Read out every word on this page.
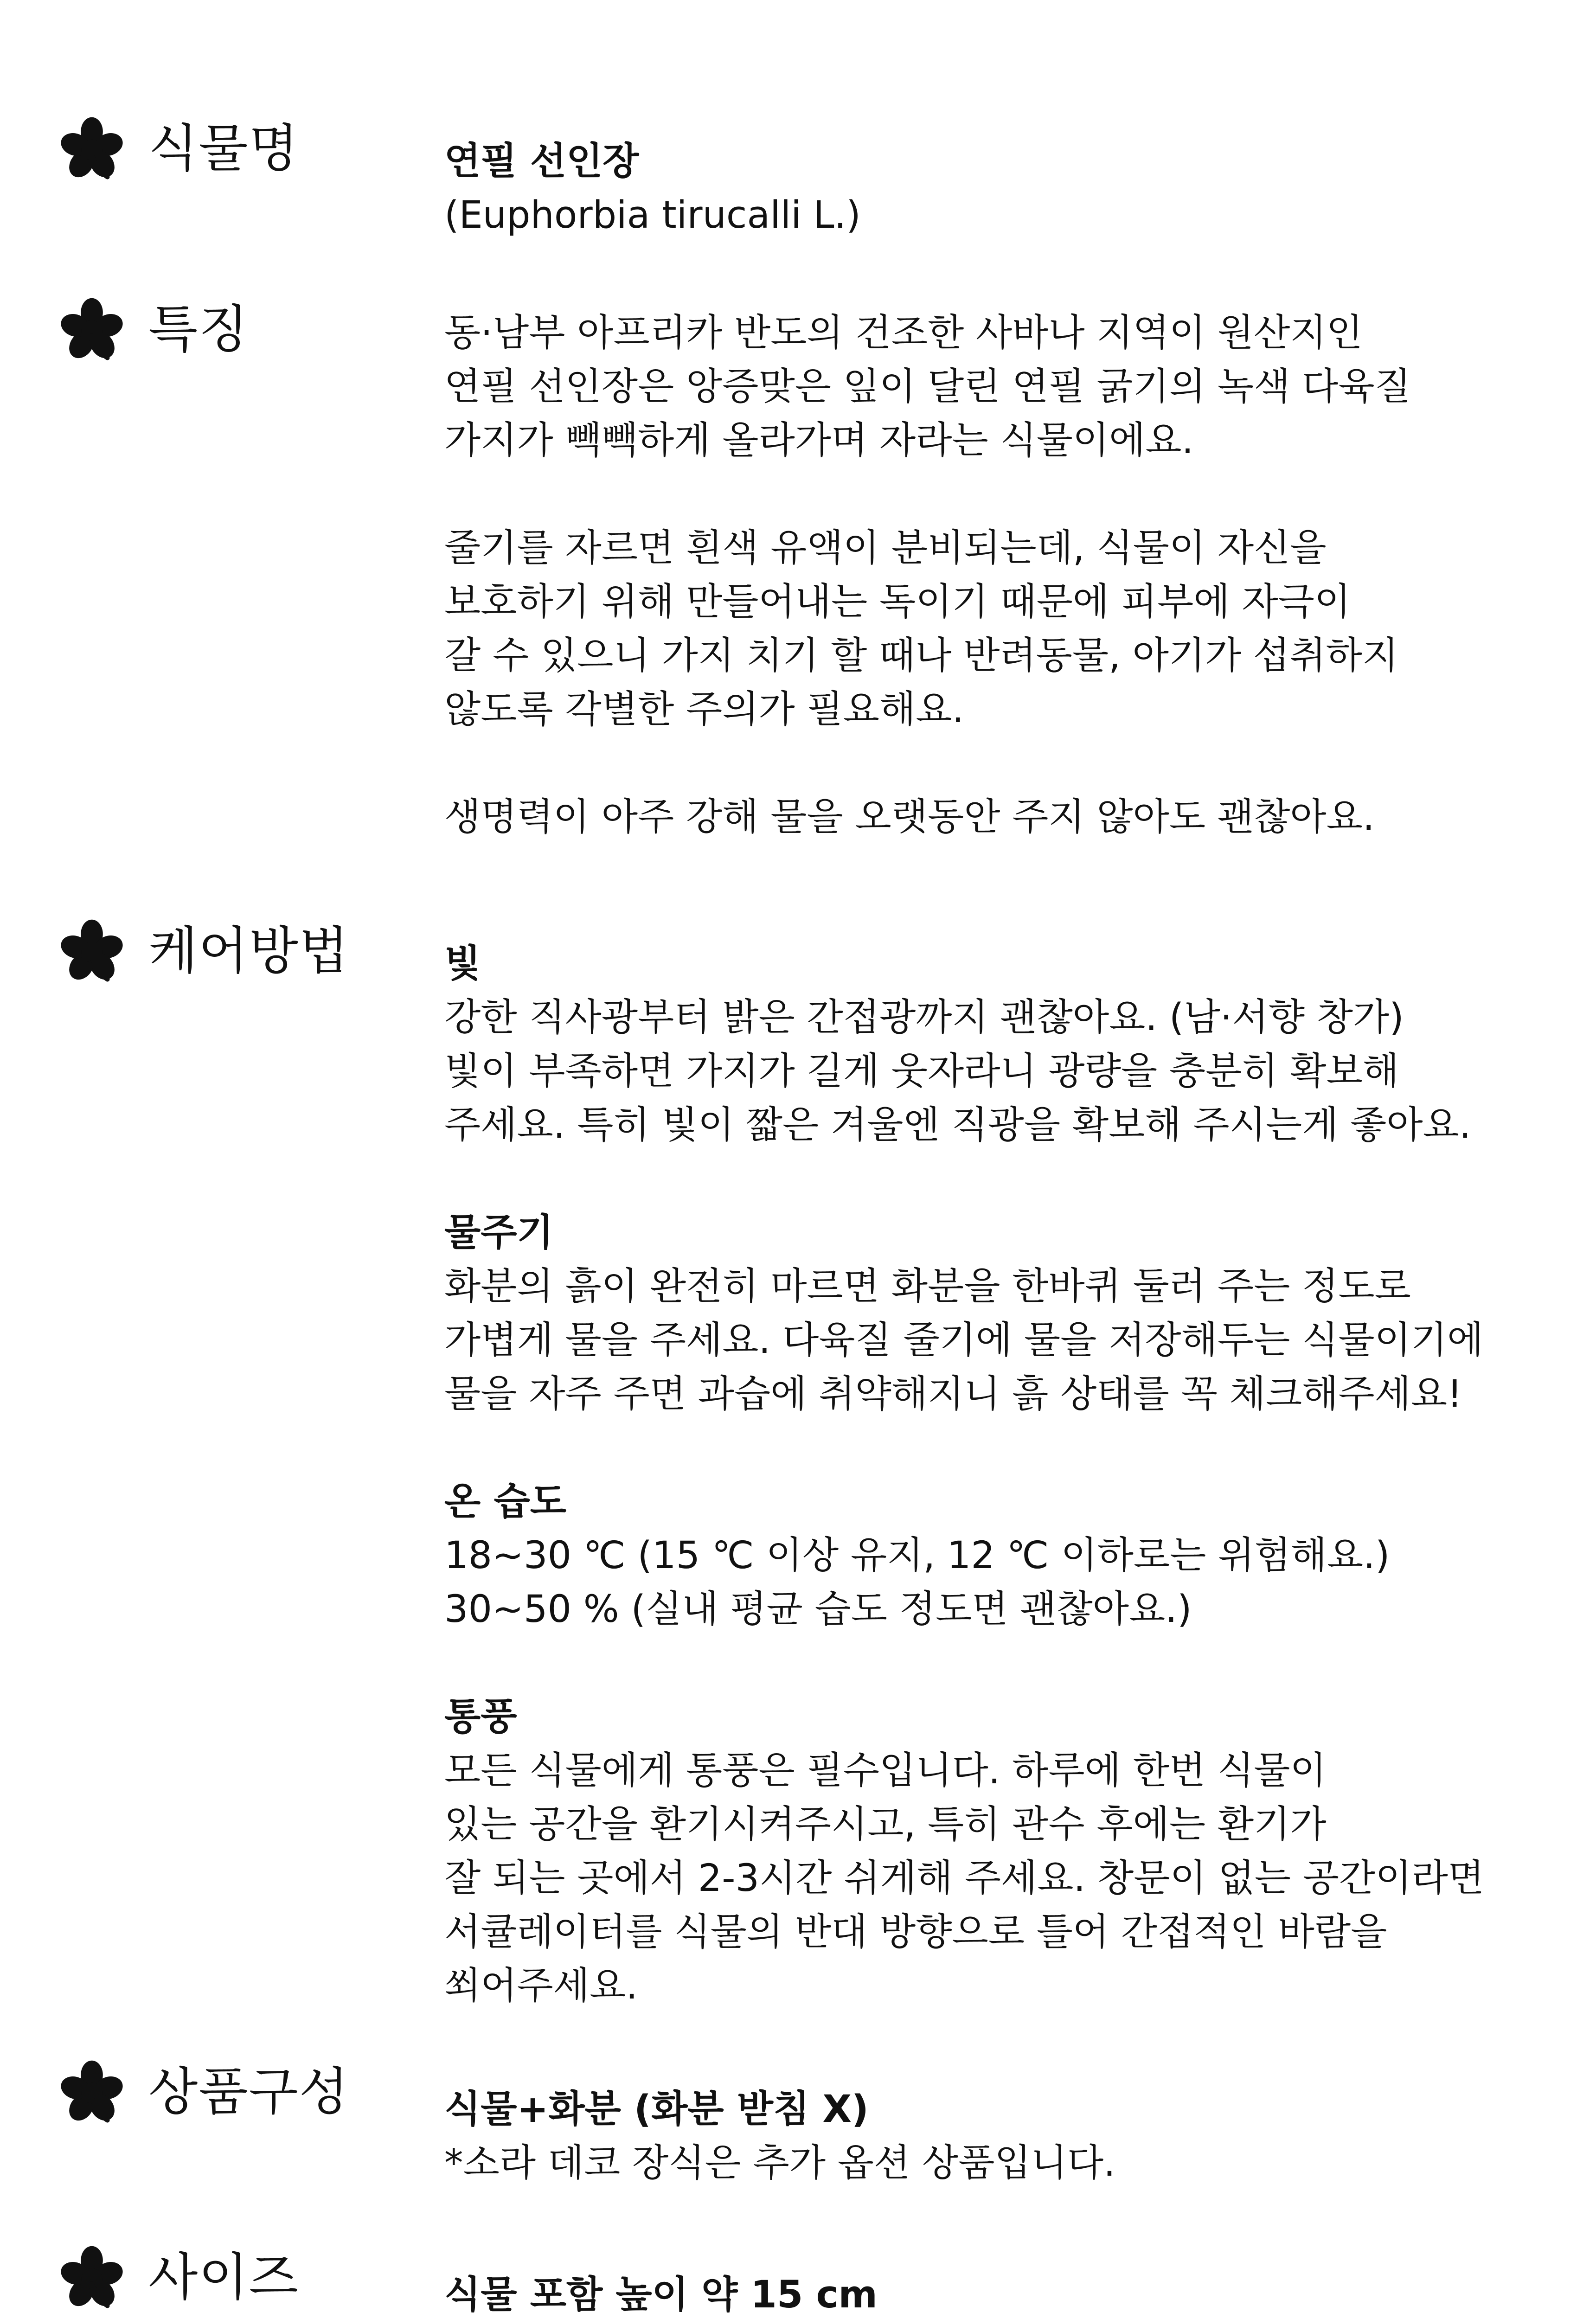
식물명	연필 선인장

(Euphorbia tirucalli L.)

특징	동·남부 아프리카 반도의 건조한 사바나 지역이 원산지인

연필 선인장은 앙증맞은 잎이 달린 연필 굵기의 녹색 다육질

가지가 빽빽하게 올라가며 자라는 식물이에요.

줄기를 자르면 흰색 유액이 분비되는데, 식물이 자신을

보호하기 위해 만들어내는 독이기 때문에 피부에 자극이

갈 수 있으니 가지 치기 할 때나 반려동물, 아기가 섭취하지

않도록 각별한 주의가 필요해요.

생명력이 아주 강해 물을 오랫동안 주지 않아도 괜찮아요.

케어방법	빛

강한 직사광부터 밝은 간접광까지 괜찮아요. (남·서향 창가)

빛이 부족하면 가지가 길게 웃자라니 광량을 충분히 확보해

주세요. 특히 빛이 짧은 겨울엔 직광을 확보해 주시는게 좋아요.

물주기

화분의 흙이 완전히 마르면 화분을 한바퀴 둘러 주는 정도로

가볍게 물을 주세요. 다육질 줄기에 물을 저장해두는 식물이기에

물을 자주 주면 과습에 취약해지니 흙 상태를 꼭 체크해주세요!

온 습도

18~30 ℃ (15 ℃ 이상 유지, 12 ℃ 이하로는 위험해요.)

30~50 % (실내 평균 습도 정도면 괜찮아요.)

통풍

모든 식물에게 통풍은 필수입니다. 하루에 한번 식물이

있는 공간을 환기시켜주시고, 특히 관수 후에는 환기가

잘 되는 곳에서 2-3시간 쉬게해 주세요. 창문이 없는 공간이라면

서큘레이터를 식물의 반대 방향으로 틀어 간접적인 바람을

쐬어주세요.

상품구성	식물+화분 (화분 받침 X)

*소라 데코 장식은 추가 옵션 상품입니다.

사이즈	식물 포함 높이 약 15 cm
